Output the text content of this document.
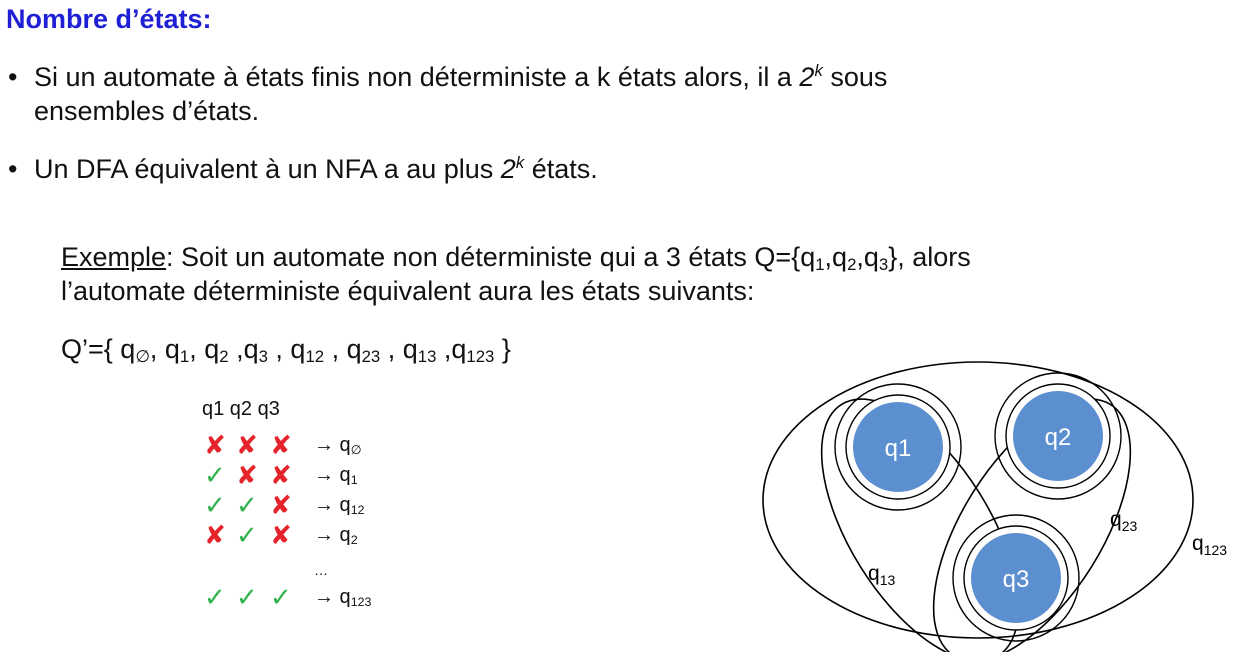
Nombre d’états:
• Si un automate à états finis non déterministe a k états alors, il a 2$^k$ sous
ensembles d’états.
• Un DFA équivalent à un NFA a au plus 2$^k$ états.
Exemple: Soit un automate non déterministe qui a 3 états $Q=\{q_1,q_2,q_3\}$, alors
l’automate déterministe équivalent aura les états suivants:
Q’={ $q_\emptyset$, $q_1$, $q_2$ $,q_3$ , $q_{12}$ , $q_{23}$ , $q_{13}$ $,q_{123}$ }
q1 q2 q3
✘ ✘ ✘ → $q_\emptyset$
✓ ✘ ✘ → $q_1$
✓ ✓ ✘ → $q_{12}$
✘ ✓ ✘ → $q_2$
✓ ✓ ✓ → $q_{123}$
…
q1	q2
q3
$q_{13}$
$q_{23}$
$q_{123}$
